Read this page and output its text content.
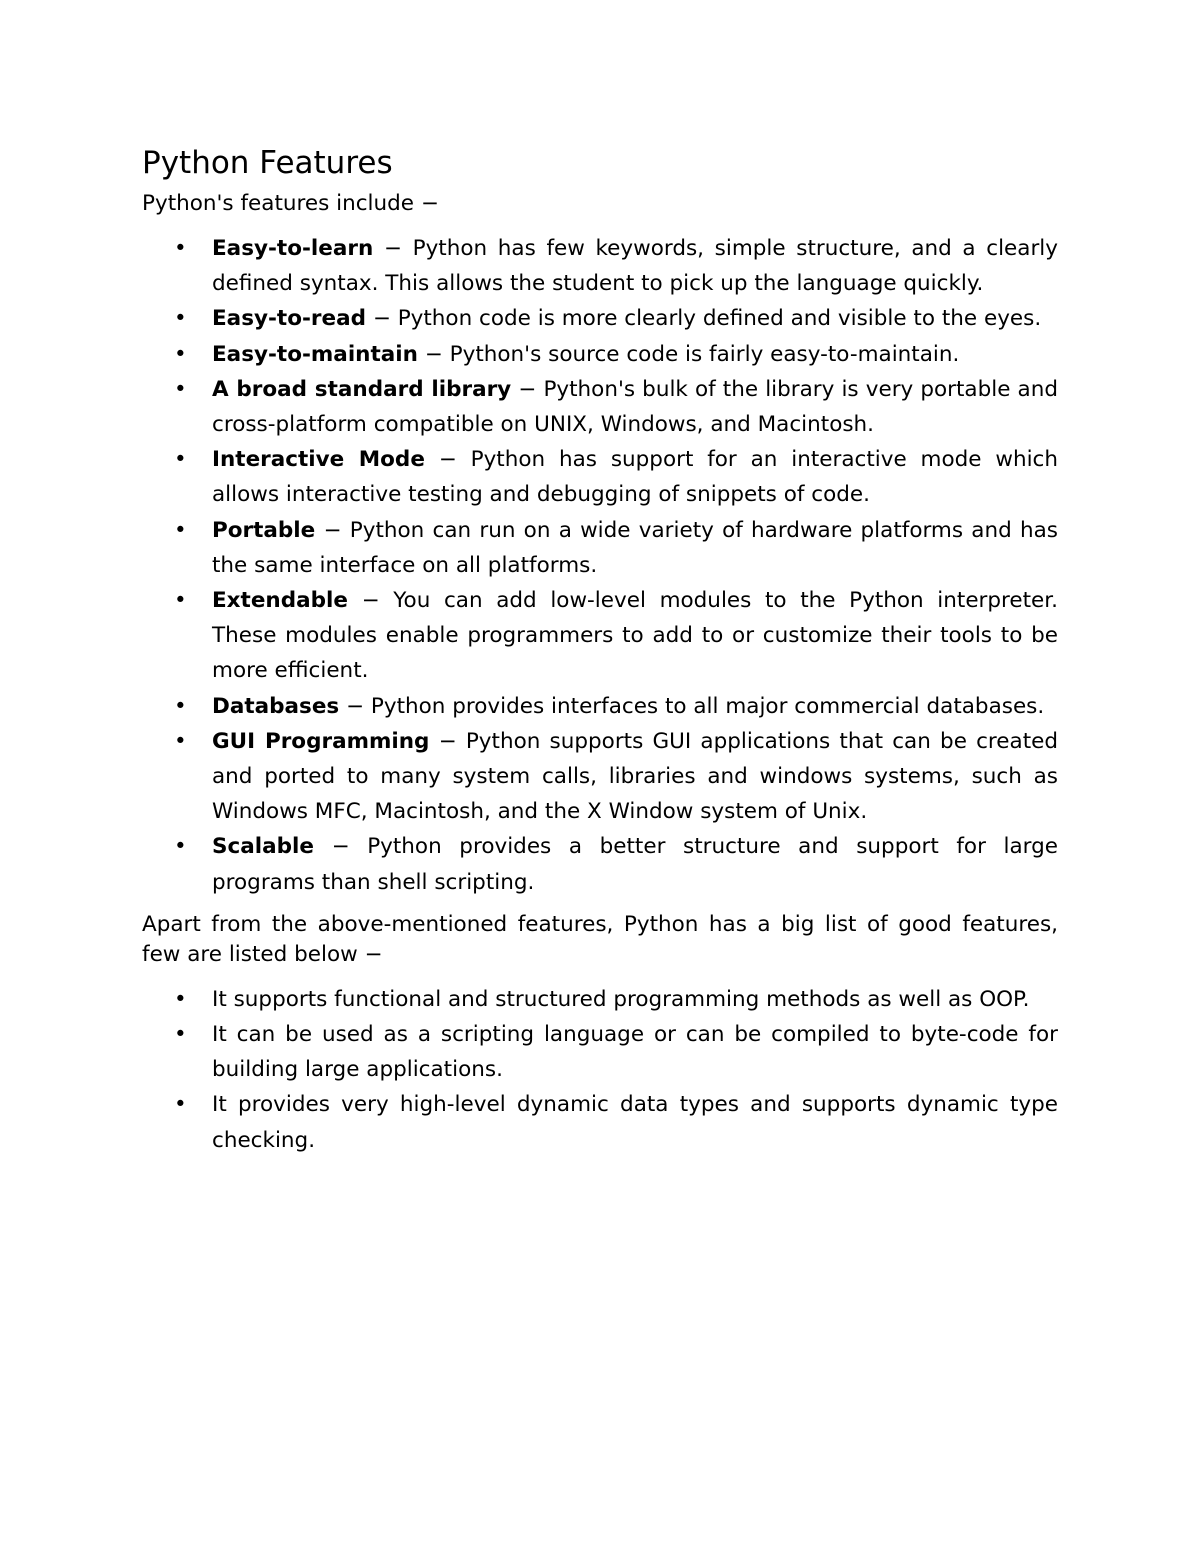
Python Features

Python's features include −

• Easy-to-learn − Python has few keywords, simple structure, and a clearly defined syntax. This allows the student to pick up the language quickly.
• Easy-to-read − Python code is more clearly defined and visible to the eyes.
• Easy-to-maintain − Python's source code is fairly easy-to-maintain.
• A broad standard library − Python's bulk of the library is very portable and cross-platform compatible on UNIX, Windows, and Macintosh.
• Interactive Mode − Python has support for an interactive mode which allows interactive testing and debugging of snippets of code.
• Portable − Python can run on a wide variety of hardware platforms and has the same interface on all platforms.
• Extendable − You can add low-level modules to the Python interpreter. These modules enable programmers to add to or customize their tools to be more efficient.
• Databases − Python provides interfaces to all major commercial databases.
• GUI Programming − Python supports GUI applications that can be created and ported to many system calls, libraries and windows systems, such as Windows MFC, Macintosh, and the X Window system of Unix.
• Scalable − Python provides a better structure and support for large programs than shell scripting.

Apart from the above-mentioned features, Python has a big list of good features, few are listed below −

• It supports functional and structured programming methods as well as OOP.
• It can be used as a scripting language or can be compiled to byte-code for building large applications.
• It provides very high-level dynamic data types and supports dynamic type checking.
